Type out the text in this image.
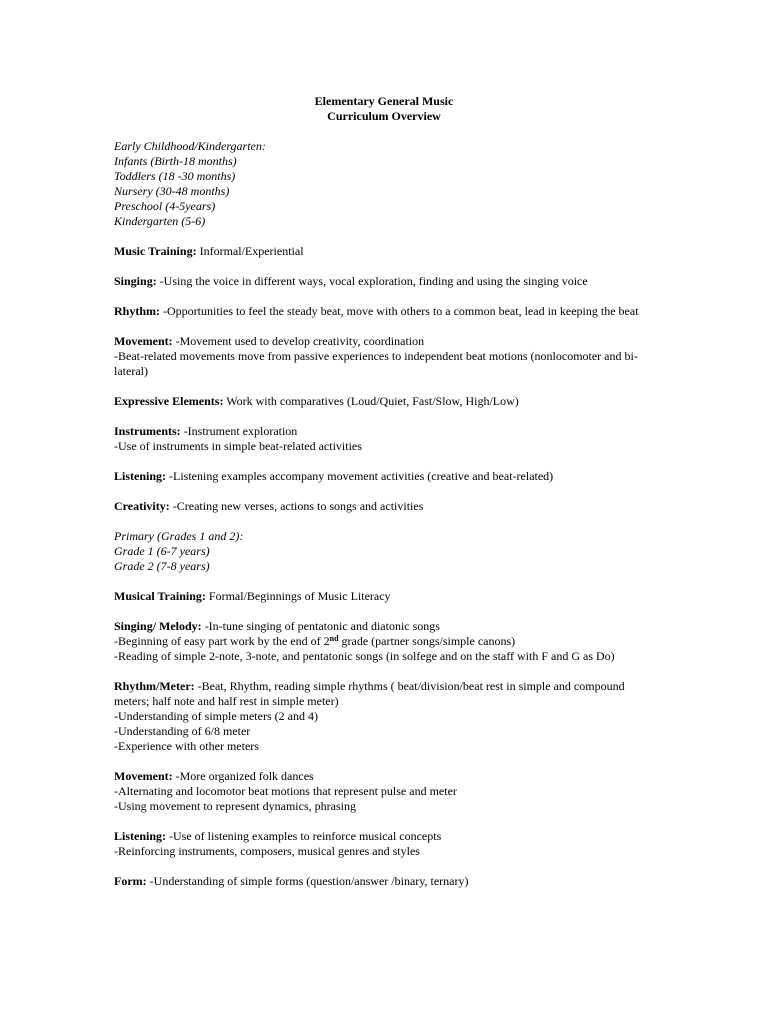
Elementary General Music
Curriculum Overview
Early Childhood/Kindergarten:
Infants (Birth-18 months)
Toddlers (18 -30 months)
Nursery (30-48 months)
Preschool (4-5years)
Kindergarten (5-6)
Music Training: Informal/Experiential
Singing: -Using the voice in different ways, vocal exploration, finding and using the singing voice
Rhythm: -Opportunities to feel the steady beat, move with others to a common beat, lead in keeping the beat
Movement: -Movement used to develop creativity, coordination
-Beat-related movements move from passive experiences to independent beat motions (nonlocomoter and bi-lateral)
Expressive Elements: Work with comparatives (Loud/Quiet, Fast/Slow, High/Low)
Instruments: -Instrument exploration
-Use of instruments in simple beat-related activities
Listening: -Listening examples accompany movement activities (creative and beat-related)
Creativity: -Creating new verses, actions to songs and activities
Primary (Grades 1 and 2):
Grade 1 (6-7 years)
Grade 2 (7-8 years)
Musical Training: Formal/Beginnings of Music Literacy
Singing/ Melody: -In-tune singing of pentatonic and diatonic songs
-Beginning of easy part work by the end of 2nd grade (partner songs/simple canons)
-Reading of simple 2-note, 3-note, and pentatonic songs (in solfege and on the staff with F and G as Do)
Rhythm/Meter: -Beat, Rhythm, reading simple rhythms ( beat/division/beat rest in simple and compound meters; half note and half rest in simple meter)
-Understanding of simple meters (2 and 4)
-Understanding of 6/8 meter
-Experience with other meters
Movement: -More organized folk dances
-Alternating and locomotor beat motions that represent pulse and meter
-Using movement to represent dynamics, phrasing
Listening: -Use of listening examples to reinforce musical concepts
-Reinforcing instruments, composers, musical genres and styles
Form: -Understanding of simple forms (question/answer /binary, ternary)
